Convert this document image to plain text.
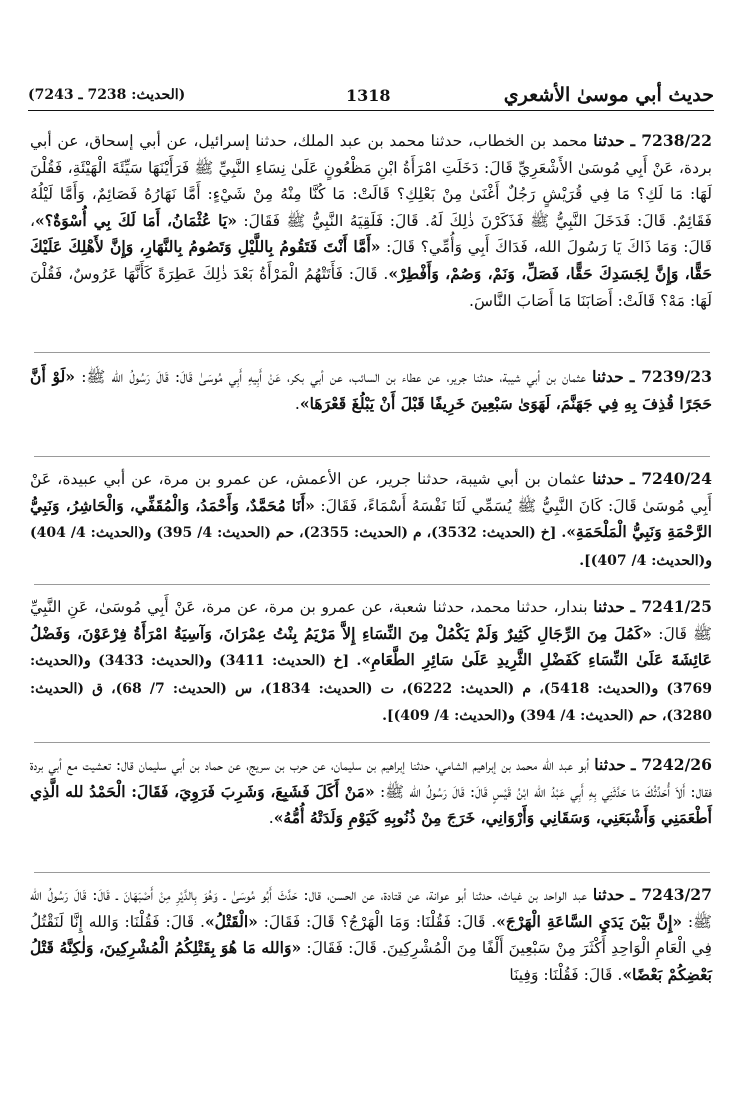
حديث أبي موسىٰ الأشعري
1318
(الحديث: 7238 ـ 7243)
7238/22 ـ حدثنا محمد بن الخطاب، حدثنا محمد بن عبد الملك، حدثنا إسرائيل، عن أبي إسحاق، عن أبي بردة، عَنْ أَبِي مُوسَىٰ الأَشْعَرِيِّ قَالَ: دَخَلَتِ امْرَأَةُ ابْنِ مَظْعُونٍ عَلَىٰ نِسَاءِ النَّبِيِّ ﷺ فَرَأَيْنَهَا سَيِّئَةَ الْهَيْئَةِ، فَقُلْنَ لَهَا: مَا لَكِ؟ مَا فِي قُرَيْشٍ رَجُلٌ أَغْنَىٰ مِنْ بَعْلِكِ؟ قَالَتْ: مَا كُنَّا مِنْهُ مِنْ شَيْءٍ: أَمَّا نَهَارُهُ فَصَائِمٌ، وَأَمَّا لَيْلُهُ فَقَائِمٌ. قَالَ: فَدَخَلَ النَّبِيُّ ﷺ فَذَكَرْنَ ذٰلِكَ لَهُ. قَالَ: فَلَقِيَهُ النَّبِيُّ ﷺ فَقَالَ: «يَا عُثْمَانُ، أَمَا لَكَ بِي أُسْوَةٌ؟»، قَالَ: وَمَا ذَاكَ يَا رَسُولَ الله، فَدَاكَ أَبِي وَأُمِّي؟ قَالَ: «أَمَّا أَنْتَ فَتَقُومُ بِاللَّيْلِ وَتَصُومُ بِالنَّهَارِ، وَإِنَّ لأَهْلِكَ عَلَيْكَ حَقًّا، وَإِنَّ لِجَسَدِكَ حَقًّا، فَصَلِّ، وَنَمْ، وَصُمْ، وَأَفْطِرْ». قَالَ: فَأَتَتْهُمُ الْمَرْأَةُ بَعْدَ ذٰلِكَ عَطِرَةً كَأَنَّهَا عَرُوسٌ، فَقُلْنَ لَهَا: مَهْ؟ قَالَتْ: أَصَابَنَا مَا أَصَابَ النَّاسَ.
7239/23 ـ حدثنا عثمان بن أبي شيبة، حدثنا جرير، عن عطاء بن السائب، عن أبي بكر، عَنْ أَبِيهِ أَبِي مُوسَىٰ قَالَ: قَالَ رَسُولُ الله ﷺ: «لَوْ أَنَّ حَجَرًا قُذِفَ بِهِ فِي جَهَنَّمَ، لَهَوَىٰ سَبْعِينَ خَرِيفًا قَبْلَ أَنْ يَبْلُغَ قَعْرَهَا».
7240/24 ـ حدثنا عثمان بن أبي شيبة، حدثنا جرير، عن الأعمش، عن عمرو بن مرة، عن أبي عبيدة، عَنْ أَبِي مُوسَىٰ قَالَ: كَانَ النَّبِيُّ ﷺ يُسَمِّي لَنَا نَفْسَهُ أَسْمَاءً، فَقَالَ: «أَنَا مُحَمَّدٌ، وَأَحْمَدُ، وَالْمُقَفِّي، وَالْحَاشِرُ، وَنَبِيُّ الرَّحْمَةِ وَنَبِيُّ الْمَلْحَمَةِ». [خ (الحديث: 3532)، م (الحديث: 2355)، حم (الحديث: 4/ 395) و(الحديث: 4/ 404) و(الحديث: 4/ 407)].
7241/25 ـ حدثنا بندار، حدثنا محمد، حدثنا شعبة، عن عمرو بن مرة، عن مرة، عَنْ أَبِي مُوسَىٰ، عَنِ النَّبِيِّ ﷺ قَالَ: «كَمُلَ مِنَ الرِّجَالِ كَثِيرٌ وَلَمْ يَكْمُلْ مِنَ النِّسَاءِ إِلاَّ مَرْيَمُ بِنْتُ عِمْرَانَ، وَآسِيَةُ امْرَأَةُ فِرْعَوْنَ، وَفَضْلُ عَائِشَةَ عَلَىٰ النِّسَاءِ كَفَضْلِ الثَّرِيدِ عَلَىٰ سَائِرِ الطَّعَامِ». [خ (الحديث: 3411) و(الحديث: 3433) و(الحديث: 3769) و(الحديث: 5418)، م (الحديث: 6222)، ت (الحديث: 1834)، س (الحديث: 7/ 68)، ق (الحديث: 3280)، حم (الحديث: 4/ 394) و(الحديث: 4/ 409)].
7242/26 ـ حدثنا أبو عبد الله محمد بن إبراهيم الشامي، حدثنا إبراهيم بن سليمان، عن حرب بن سريج، عن حماد بن أبي سليمان قال: تعشيت مع أبي بردة فقال: أَلاَ أُحَدِّثُكَ مَا حَدَّثَنِي بِهِ أَبِي عَبْدُ الله ابْنُ قَيْسٍ قَالَ: قَالَ رَسُولُ الله ﷺ: «مَنْ أَكَلَ فَشَبِعَ، وَشَرِبَ فَرَوِيَ، فَقَالَ: الْحَمْدُ لله الَّذِي أَطْعَمَنِي وَأَشْبَعَنِي، وَسَقَانِي وَأَرْوَانِي، خَرَجَ مِنْ ذُنُوبِهِ كَيَوْمِ وَلَدَتْهُ أُمُّهُ».
7243/27 ـ حدثنا عبد الواحد بن غياث، حدثنا أبو عوانة، عن قتادة، عن الحسن، قال: حَدَّثَ أَبُو مُوسَىٰ ـ وَهُوَ بِالدَّيْرِ مِنْ أَصْبَهَانَ ـ قَالَ: قَالَ رَسُولُ الله ﷺ: «إِنَّ بَيْنَ يَدَيِ السَّاعَةِ الْهَرْجَ». قَالَ: فَقُلْنَا: وَمَا الْهَرْجُ؟ قَالَ: فَقَالَ: «الْقَتْلُ». قَالَ: فَقُلْنَا: وَالله إِنَّا لَنَقْتُلُ فِي الْعَامِ الْوَاحِدِ أَكْثَرَ مِنْ سَبْعِينَ أَلْفًا مِنَ الْمُشْرِكِينَ. قَالَ: فَقَالَ: «وَالله مَا هُوَ بِقَتْلِكُمُ الْمُشْرِكِينَ، وَلٰكِنَّهُ قَتْلُ بَعْضِكُمْ بَعْضًا». قَالَ: فَقُلْنَا: وَفِينَا
